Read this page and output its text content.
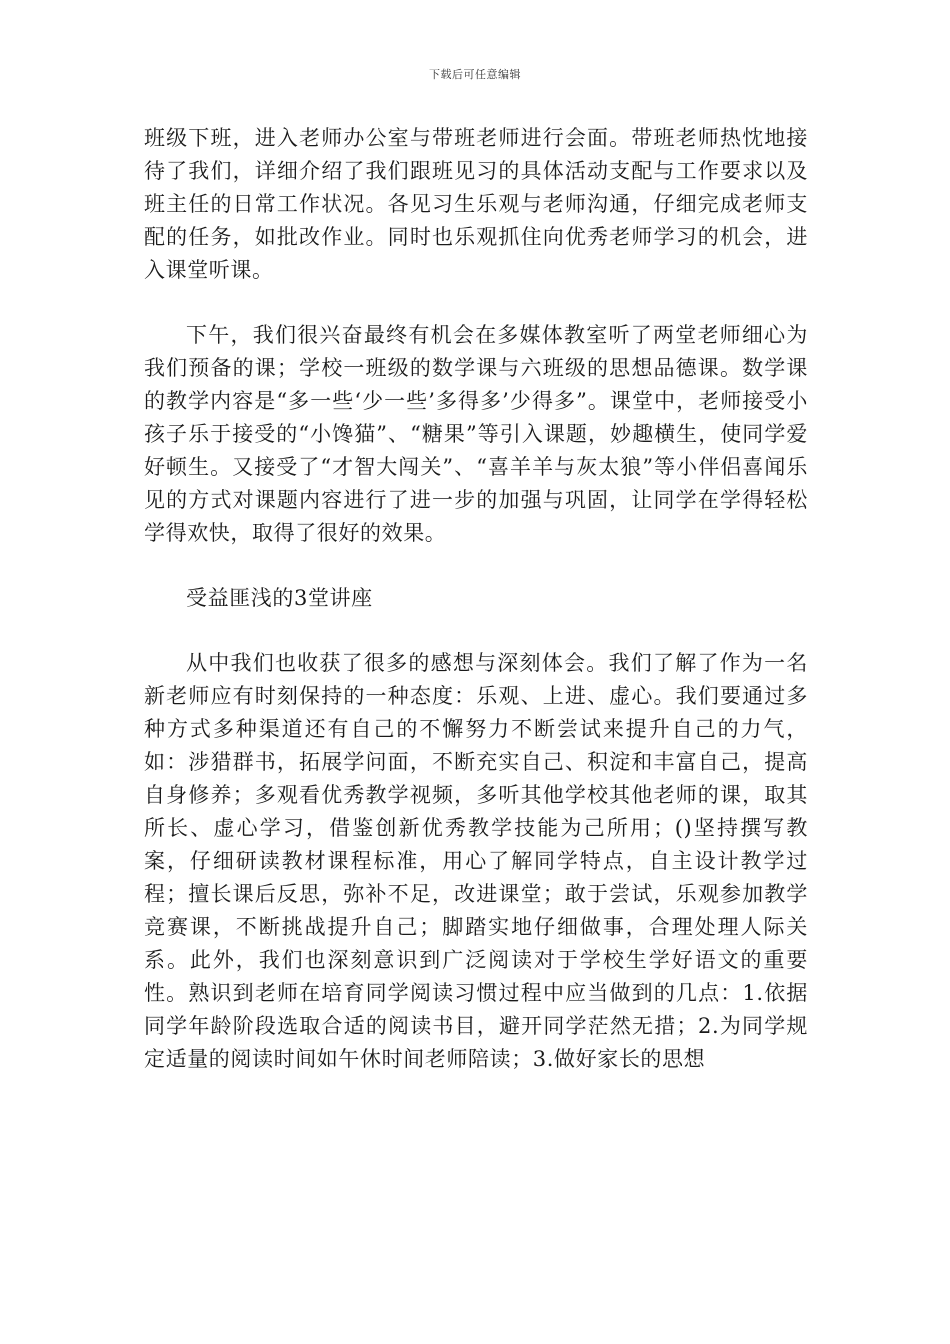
下载后可任意编辑

班级下班，进入老师办公室与带班老师进行会面。带班老师热忱地接待了我们，详细介绍了我们跟班见习的具体活动支配与工作要求以及班主任的日常工作状况。各见习生乐观与老师沟通，仔细完成老师支配的任务，如批改作业。同时也乐观抓住向优秀老师学习的机会，进入课堂听课。

下午，我们很兴奋最终有机会在多媒体教室听了两堂老师细心为我们预备的课；学校一班级的数学课与六班级的思想品德课。数学课的教学内容是“多一些‘少一些’多得多’少得多”。课堂中，老师接受小孩子乐于接受的“小馋猫”、“糖果”等引入课题，妙趣横生，使同学爱好顿生。又接受了“才智大闯关”、“喜羊羊与灰太狼”等小伴侣喜闻乐见的方式对课题内容进行了进一步的加强与巩固，让同学在学得轻松学得欢快，取得了很好的效果。

受益匪浅的3堂讲座

从中我们也收获了很多的感想与深刻体会。我们了解了作为一名新老师应有时刻保持的一种态度：乐观、上进、虚心。我们要通过多种方式多种渠道还有自己的不懈努力不断尝试来提升自己的力气，如：涉猎群书，拓展学问面，不断充实自己、积淀和丰富自己，提高自身修养；多观看优秀教学视频，多听其他学校其他老师的课，取其所长、虚心学习，借鉴创新优秀教学技能为己所用；()坚持撰写教案，仔细研读教材课程标准，用心了解同学特点，自主设计教学过程；擅长课后反思，弥补不足，改进课堂；敢于尝试，乐观参加教学竞赛课，不断挑战提升自己；脚踏实地仔细做事，合理处理人际关系。此外，我们也深刻意识到广泛阅读对于学校生学好语文的重要性。熟识到老师在培育同学阅读习惯过程中应当做到的几点：1.依据同学年龄阶段选取合适的阅读书目，避开同学茫然无措；2.为同学规定适量的阅读时间如午休时间老师陪读；3.做好家长的思想
